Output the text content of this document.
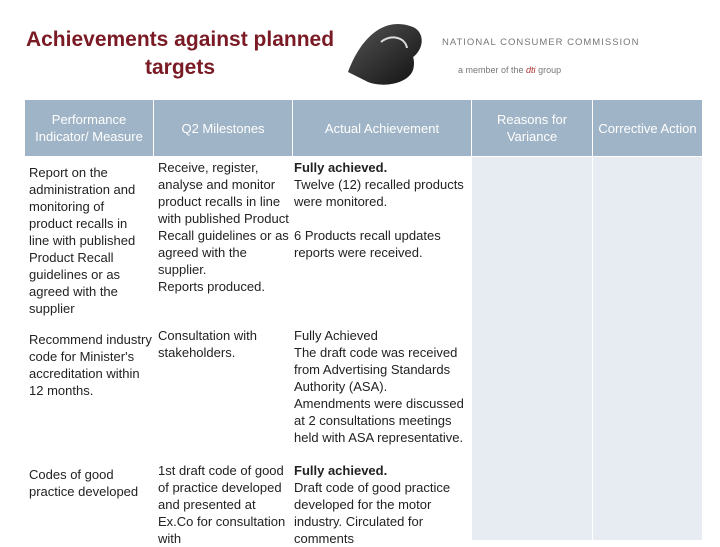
Achievements against planned targets
NATIONAL CONSUMER COMMISSION
a member of the dti group
Performance Indicator/ Measure
Q2 Milestones	Actual Achievement
Reasons for Variance
Corrective Action
Report on the administration and monitoring of product recalls in line with published Product Recall guidelines or as agreed with the supplier
Receive, register, analyse and monitor product recalls in line with published Product Recall guidelines or as agreed with the supplier.
Reports produced.
Fully achieved.
Twelve (12) recalled products were monitored.

6 Products recall updates reports were received.
Recommend industry code for Minister's accreditation within 12 months.
Consultation with stakeholders.
Fully Achieved
The draft code was received from Advertising Standards Authority (ASA).
Amendments were discussed at 2 consultations meetings held with ASA representative.
Codes of good practice developed
1st draft code of good of practice developed and presented at Ex.Co for consultation with
Fully achieved.
Draft code of good practice developed for the motor industry. Circulated for comments
